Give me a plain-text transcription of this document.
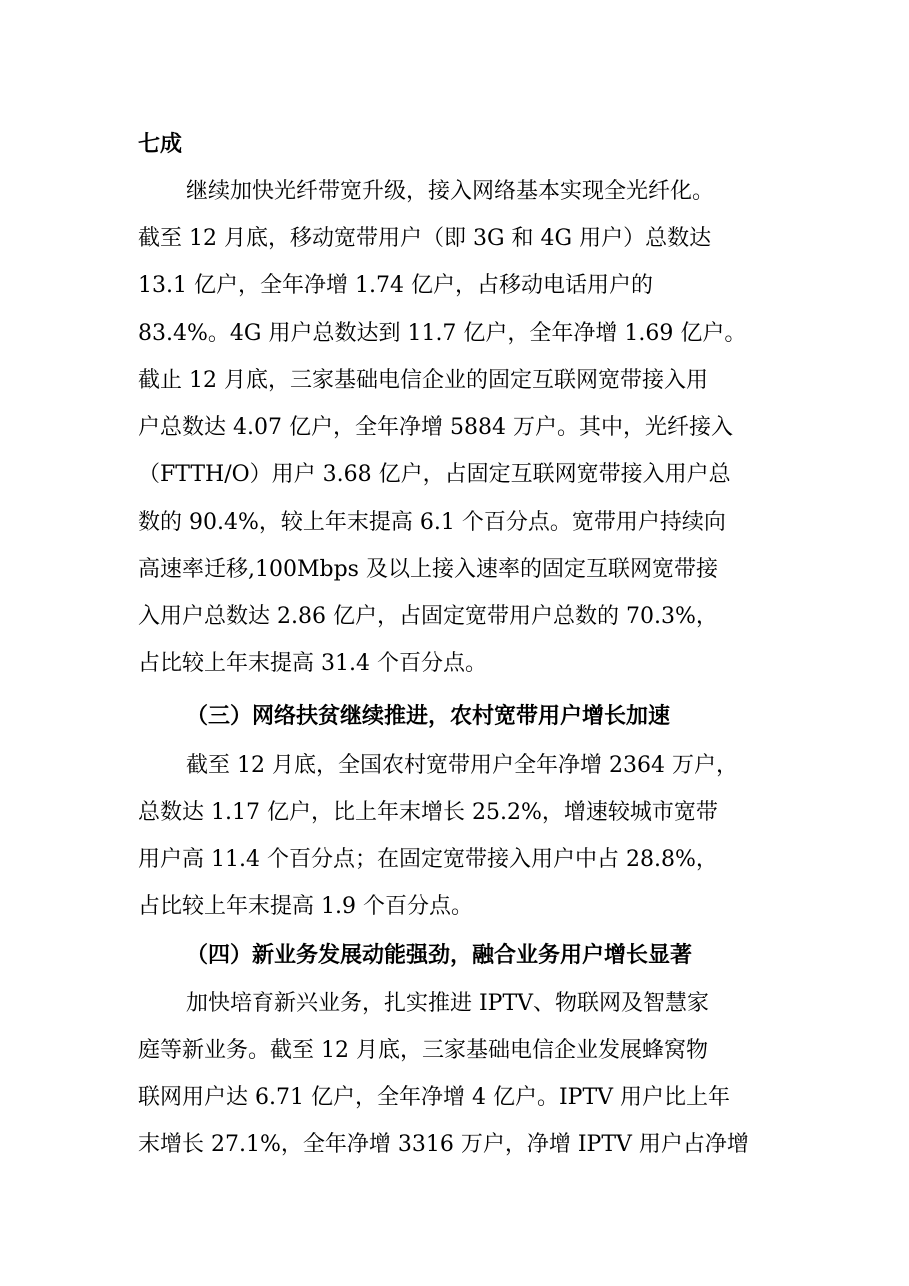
七成

继续加快光纤带宽升级，接入网络基本实现全光纤化。

截至 12 月底，移动宽带用户（即 3G 和 4G 用户）总数达

13.1 亿户，全年净增 1.74 亿户，占移动电话用户的

83.4%。4G 用户总数达到 11.7 亿户，全年净增 1.69 亿户。

截止 12 月底，三家基础电信企业的固定互联网宽带接入用

户总数达 4.07 亿户，全年净增 5884 万户。其中，光纤接入

（FTTH/O）用户 3.68 亿户，占固定互联网宽带接入用户总

数的 90.4%，较上年末提高 6.1 个百分点。宽带用户持续向

高速率迁移,100Mbps 及以上接入速率的固定互联网宽带接

入用户总数达 2.86 亿户，占固定宽带用户总数的 70.3%，

占比较上年末提高 31.4 个百分点。

（三）网络扶贫继续推进，农村宽带用户增长加速

截至 12 月底，全国农村宽带用户全年净增 2364 万户，

总数达 1.17 亿户，比上年末增长 25.2%，增速较城市宽带

用户高 11.4 个百分点；在固定宽带接入用户中占 28.8%，

占比较上年末提高 1.9 个百分点。

（四）新业务发展动能强劲，融合业务用户增长显著

加快培育新兴业务，扎实推进 IPTV、物联网及智慧家

庭等新业务。截至 12 月底，三家基础电信企业发展蜂窝物

联网用户达 6.71 亿户，全年净增 4 亿户。IPTV 用户比上年

末增长 27.1%，全年净增 3316 万户，净增 IPTV 用户占净增
